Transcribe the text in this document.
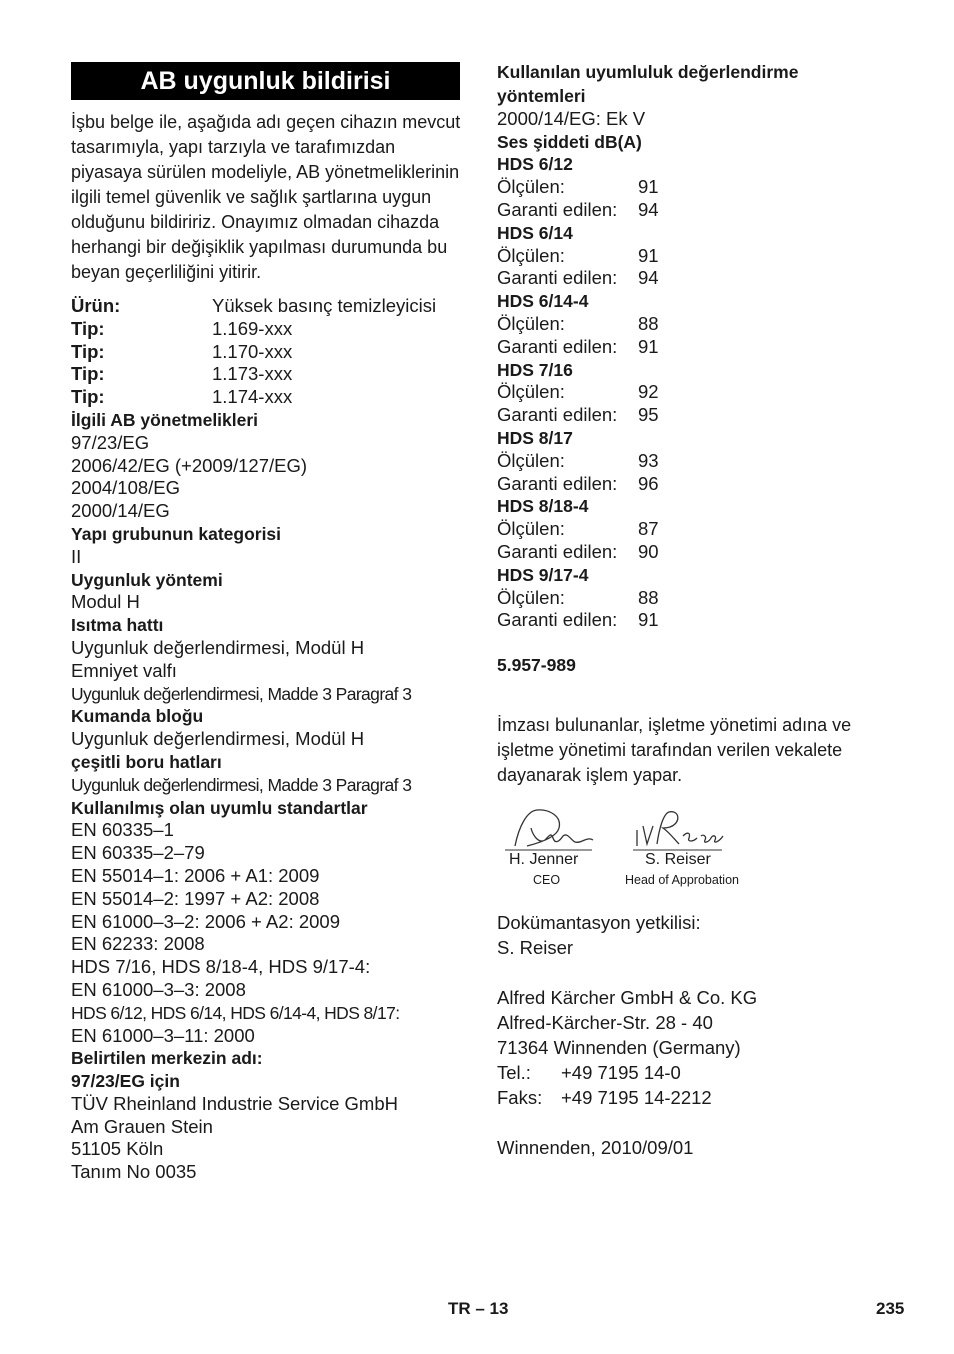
AB uygunluk bildirisi

İşbu belge ile, aşağıda adı geçen cihazın mevcut tasarımıyla, yapı tarzıyla ve tarafımızdan piyasaya sürülen modeliyle, AB yönetmeliklerinin ilgili temel güvenlik ve sağlık şartlarına uygun olduğunu bildiririz. Onayımız olmadan cihazda herhangi bir değişiklik yapılması durumunda bu beyan geçerliliğini yitirir.

Ürün:	Yüksek basınç temizleyicisi
Tip:	1.169-xxx
Tip:	1.170-xxx
Tip:	1.173-xxx
Tip:	1.174-xxx
İlgili AB yönetmelikleri
97/23/EG
2006/42/EG (+2009/127/EG)
2004/108/EG
2000/14/EG
Yapı grubunun kategorisi
II
Uygunluk yöntemi
Modul H
Isıtma hattı
Uygunluk değerlendirmesi, Modül H
Emniyet valfı
Uygunluk değerlendirmesi, Madde 3 Paragraf 3
Kumanda bloğu
Uygunluk değerlendirmesi, Modül H
çeşitli boru hatları
Uygunluk değerlendirmesi, Madde 3 Paragraf 3
Kullanılmış olan uyumlu standartlar
EN 60335–1
EN 60335–2–79
EN 55014–1: 2006 + A1: 2009
EN 55014–2: 1997 + A2: 2008
EN 61000–3–2: 2006 + A2: 2009
EN 62233: 2008
HDS 7/16, HDS 8/18-4, HDS 9/17-4:
EN 61000–3–3: 2008
HDS 6/12, HDS 6/14, HDS 6/14-4, HDS 8/17:
EN 61000–3–11: 2000
Belirtilen merkezin adı:
97/23/EG için
TÜV Rheinland Industrie Service GmbH
Am Grauen Stein
51105 Köln
Tanım No 0035
Kullanılan uyumluluk değerlendirme
yöntemleri
2000/14/EG: Ek V
Ses şiddeti dB(A)
HDS 6/12
Ölçülen:	91
Garanti edilen:	94
HDS 6/14
Ölçülen:	91
Garanti edilen:	94
HDS 6/14-4
Ölçülen:	88
Garanti edilen:	91
HDS 7/16
Ölçülen:	92
Garanti edilen:	95
HDS 8/17
Ölçülen:	93
Garanti edilen:	96
HDS 8/18-4
Ölçülen:	87
Garanti edilen:	90
HDS 9/17-4
Ölçülen:	88
Garanti edilen:	91
5.957-989
İmzası bulunanlar, işletme yönetimi adına ve işletme yönetimi tarafından verilen vekalete dayanarak işlem yapar.
H. Jenner
CEO
S. Reiser
Head of Approbation
Dokümantasyon yetkilisi:
S. Reiser
Alfred Kärcher GmbH & Co. KG
Alfred-Kärcher-Str. 28 - 40
71364 Winnenden (Germany)
Tel.:	+49 7195 14-0
Faks:	+49 7195 14-2212
Winnenden, 2010/09/01
TR – 13	235
